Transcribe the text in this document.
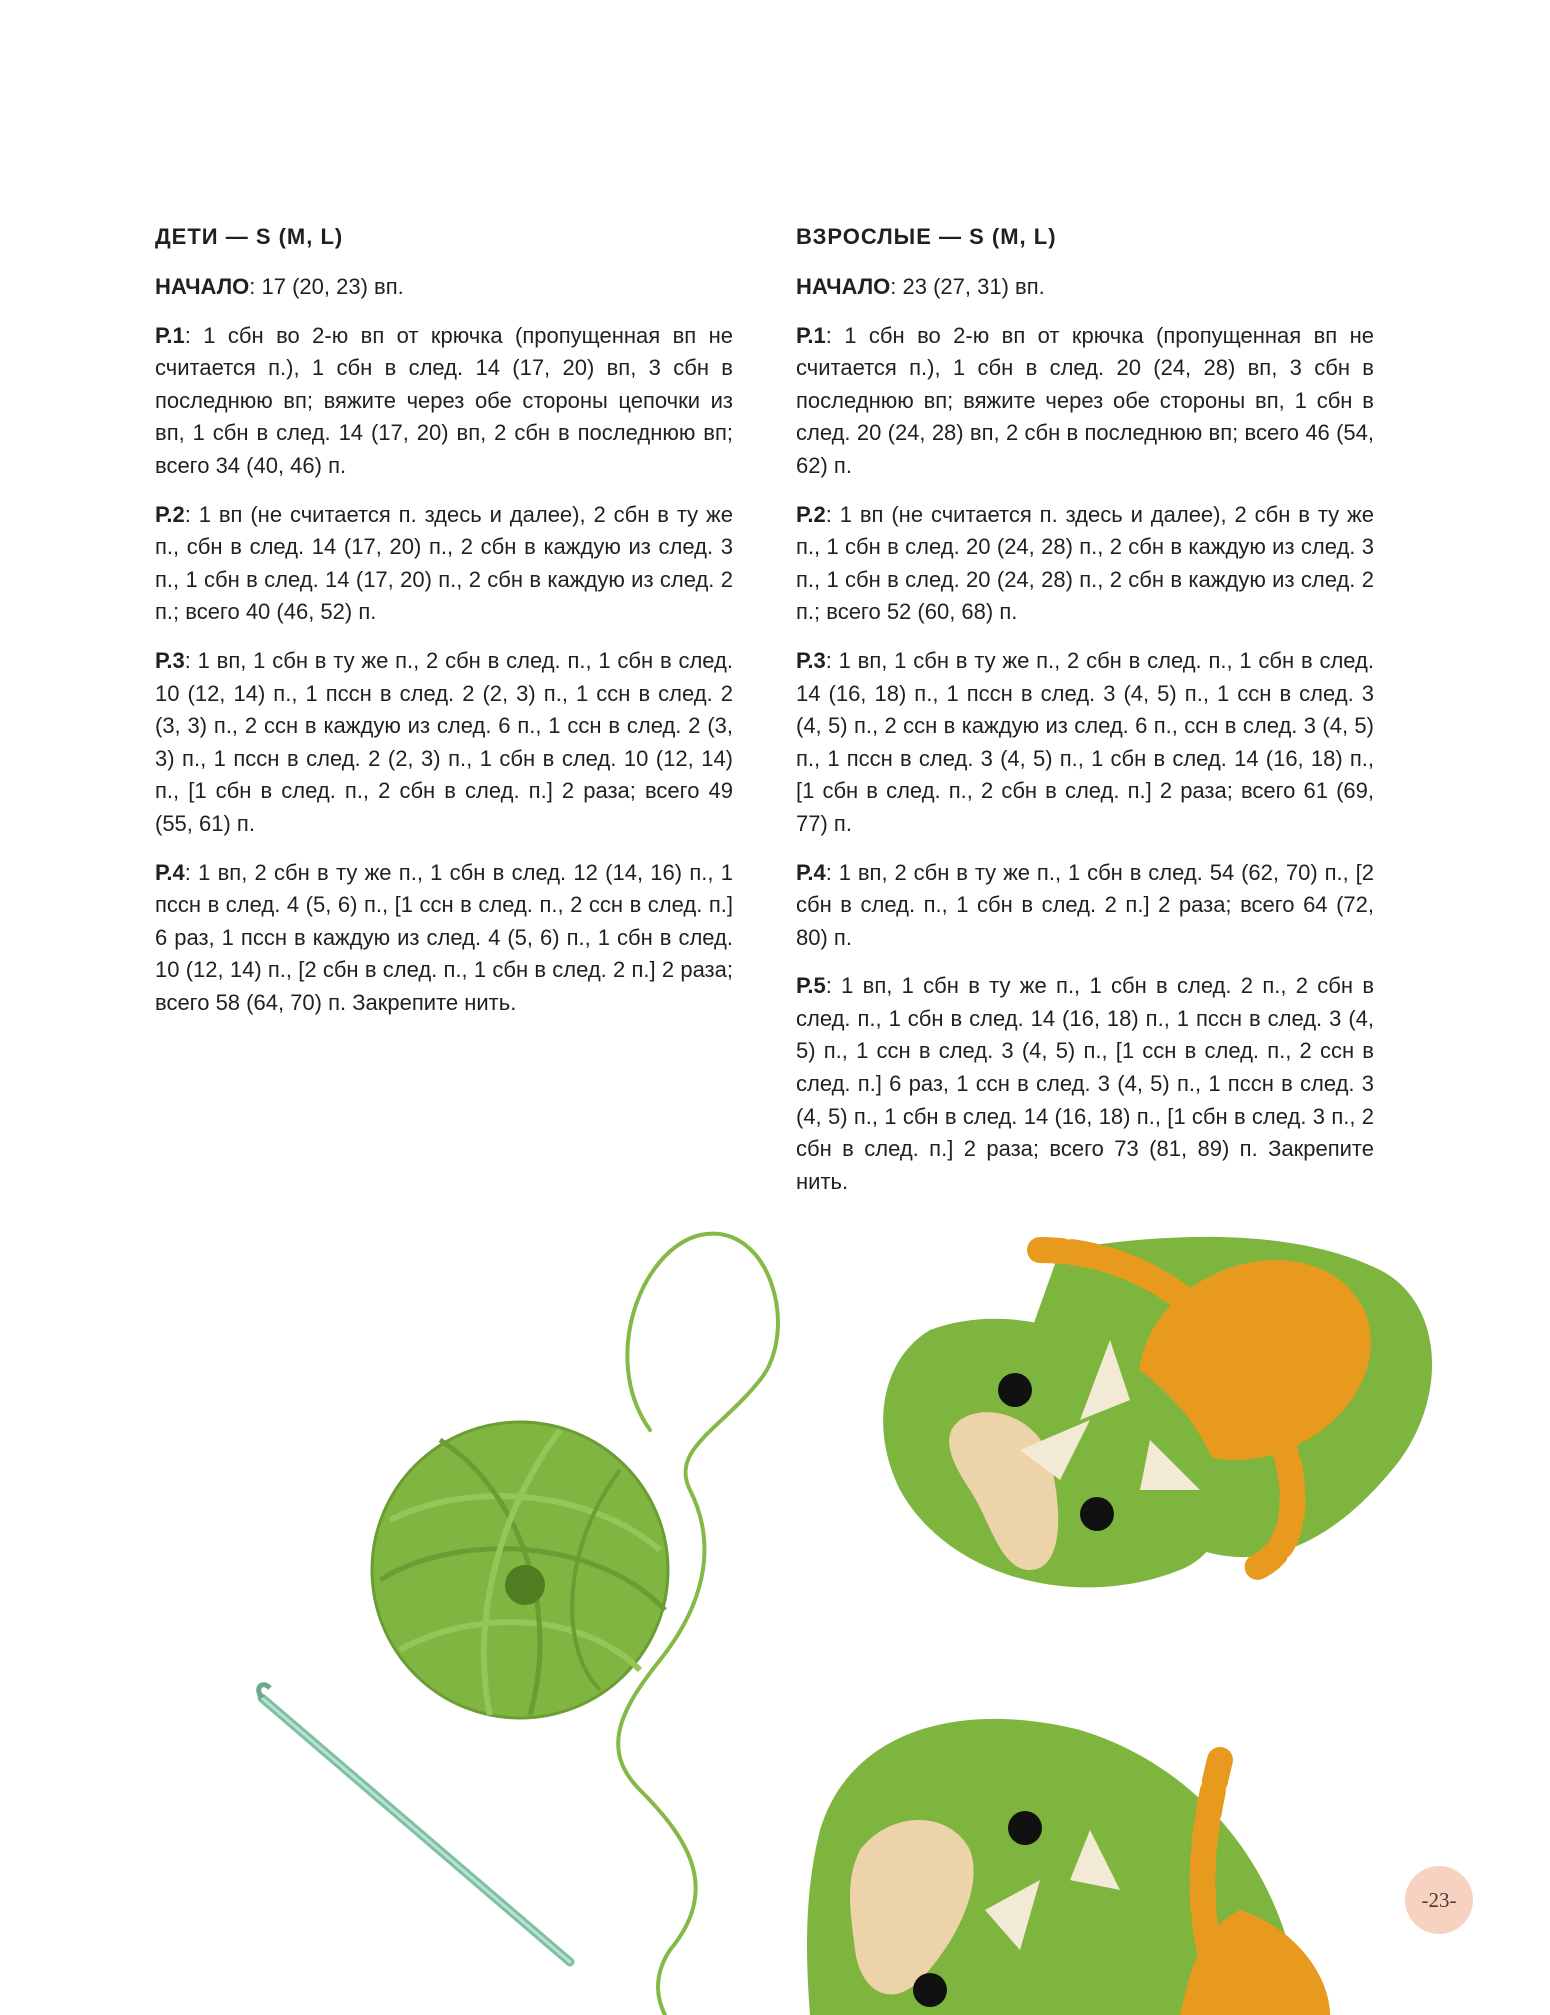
ДЕТИ — S (M, L)

НАЧАЛО: 17 (20, 23) вп.

Р.1: 1 сбн во 2-ю вп от крючка (пропущенная вп не считается п.), 1 сбн в след. 14 (17, 20) вп, 3 сбн в последнюю вп; вяжите через обе стороны цепочки из вп, 1 сбн в след. 14 (17, 20) вп, 2 сбн в последнюю вп; всего 34 (40, 46) п.

Р.2: 1 вп (не считается п. здесь и далее), 2 сбн в ту же п., сбн в след. 14 (17, 20) п., 2 сбн в каждую из след. 3 п., 1 сбн в след. 14 (17, 20) п., 2 сбн в каждую из след. 2 п.; всего 40 (46, 52) п.

Р.3: 1 вп, 1 сбн в ту же п., 2 сбн в след. п., 1 сбн в след. 10 (12, 14) п., 1 пссн в след. 2 (2, 3) п., 1 ссн в след. 2 (3, 3) п., 2 ссн в каждую из след. 6 п., 1 ссн в след. 2 (3, 3) п., 1 пссн в след. 2 (2, 3) п., 1 сбн в след. 10 (12, 14) п., [1 сбн в след. п., 2 сбн в след. п.] 2 раза; всего 49 (55, 61) п.

Р.4: 1 вп, 2 сбн в ту же п., 1 сбн в след. 12 (14, 16) п., 1 пссн в след. 4 (5, 6) п., [1 ссн в след. п., 2 ссн в след. п.] 6 раз, 1 пссн в каждую из след. 4 (5, 6) п., 1 сбн в след. 10 (12, 14) п., [2 сбн в след. п., 1 сбн в след. 2 п.] 2 раза; всего 58 (64, 70) п. Закрепите нить.

ВЗРОСЛЫЕ — S (M, L)

НАЧАЛО: 23 (27, 31) вп.

Р.1: 1 сбн во 2-ю вп от крючка (пропущенная вп не считается п.), 1 сбн в след. 20 (24, 28) вп, 3 сбн в последнюю вп; вяжите через обе стороны вп, 1 сбн в след. 20 (24, 28) вп, 2 сбн в последнюю вп; всего 46 (54, 62) п.

Р.2: 1 вп (не считается п. здесь и далее), 2 сбн в ту же п., 1 сбн в след. 20 (24, 28) п., 2 сбн в каждую из след. 3 п., 1 сбн в след. 20 (24, 28) п., 2 сбн в каждую из след. 2 п.; всего 52 (60, 68) п.

Р.3: 1 вп, 1 сбн в ту же п., 2 сбн в след. п., 1 сбн в след. 14 (16, 18) п., 1 пссн в след. 3 (4, 5) п., 1 ссн в след. 3 (4, 5) п., 2 ссн в каждую из след. 6 п., ссн в след. 3 (4, 5) п., 1 пссн в след. 3 (4, 5) п., 1 сбн в след. 14 (16, 18) п., [1 сбн в след. п., 2 сбн в след. п.] 2 раза; всего 61 (69, 77) п.

Р.4: 1 вп, 2 сбн в ту же п., 1 сбн в след. 54 (62, 70) п., [2 сбн в след. п., 1 сбн в след. 2 п.] 2 раза; всего 64 (72, 80) п.

Р.5: 1 вп, 1 сбн в ту же п., 1 сбн в след. 2 п., 2 сбн в след. п., 1 сбн в след. 14 (16, 18) п., 1 пссн в след. 3 (4, 5) п., 1 ссн в след. 3 (4, 5) п., [1 ссн в след. п., 2 ссн в след. п.] 6 раз, 1 ссн в след. 3 (4, 5) п., 1 пссн в след. 3 (4, 5) п., 1 сбн в след. 14 (16, 18) п., [1 сбн в след. 3 п., 2 сбн в след. п.] 2 раза; всего 73 (81, 89) п. Закрепите нить.

-23-
